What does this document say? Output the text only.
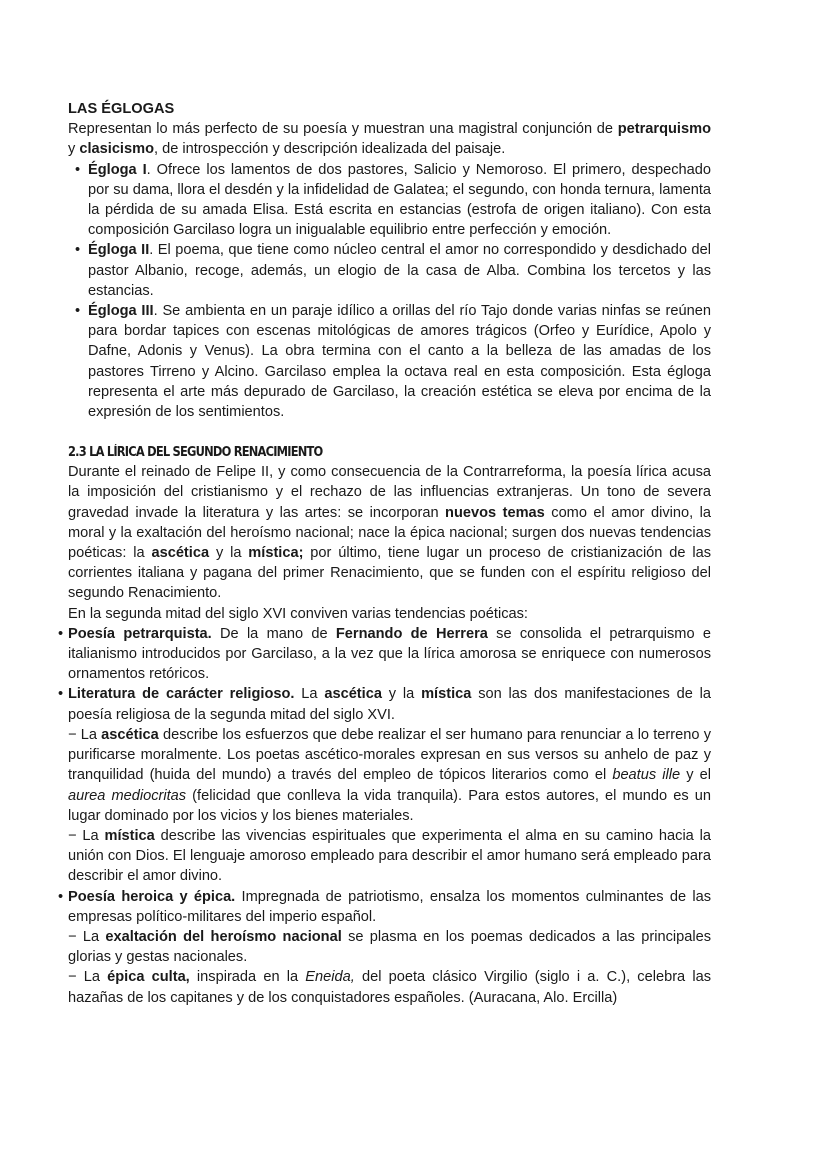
LAS ÉGLOGAS

Representan lo más perfecto de su poesía y muestran una magistral conjunción de petrarquismo y clasicismo, de introspección y descripción idealizada del paisaje.

• Égloga I. Ofrece los lamentos de dos pastores, Salicio y Nemoroso. El primero, despechado por su dama, llora el desdén y la infidelidad de Galatea; el segundo, con honda ternura, lamenta la pérdida de su amada Elisa. Está escrita en estancias (estrofa de origen italiano). Con esta composición Garcilaso logra un inigualable equilibrio entre perfección y emoción.
• Égloga II. El poema, que tiene como núcleo central el amor no correspondido y desdichado del pastor Albanio, recoge, además, un elogio de la casa de Alba. Combina los tercetos y las estancias.
• Égloga III. Se ambienta en un paraje idílico a orillas del río Tajo donde varias ninfas se reúnen para bordar tapices con escenas mitológicas de amores trágicos (Orfeo y Eurídice, Apolo y Dafne, Adonis y Venus). La obra termina con el canto a la belleza de las amadas de los pastores Tirreno y Alcino. Garcilaso emplea la octava real en esta composición. Esta égloga representa el arte más depurado de Garcilaso, la creación estética se eleva por encima de la expresión de los sentimientos.
2.3 LA LÍRICA DEL SEGUNDO RENACIMIENTO

Durante el reinado de Felipe II, y como consecuencia de la Contrarreforma, la poesía lírica acusa la imposición del cristianismo y el rechazo de las influencias extranjeras. Un tono de severa gravedad invade la literatura y las artes: se incorporan nuevos temas como el amor divino, la moral y la exaltación del heroísmo nacional; nace la épica nacional; surgen dos nuevas tendencias poéticas: la ascética y la mística; por último, tiene lugar un proceso de cristianización de las corrientes italiana y pagana del primer Renacimiento, que se funden con el espíritu religioso del segundo Renacimiento.

En la segunda mitad del siglo XVI conviven varias tendencias poéticas:

• Poesía petrarquista. De la mano de Fernando de Herrera se consolida el petrarquismo e italianismo introducidos por Garcilaso, a la vez que la lírica amorosa se enriquece con numerosos ornamentos retóricos.
• Literatura de carácter religioso. La ascética y la mística son las dos manifestaciones de la poesía religiosa de la segunda mitad del siglo XVI.
− La ascética describe los esfuerzos que debe realizar el ser humano para renunciar a lo terreno y purificarse moralmente. Los poetas ascético-morales expresan en sus versos su anhelo de paz y tranquilidad (huida del mundo) a través del empleo de tópicos literarios como el beatus ille y el aurea mediocritas (felicidad que conlleva la vida tranquila). Para estos autores, el mundo es un lugar dominado por los vicios y los bienes materiales.
− La mística describe las vivencias espirituales que experimenta el alma en su camino hacia la unión con Dios. El lenguaje amoroso empleado para describir el amor humano será empleado para describir el amor divino.
• Poesía heroica y épica. Impregnada de patriotismo, ensalza los momentos culminantes de las empresas político-militares del imperio español.
− La exaltación del heroísmo nacional se plasma en los poemas dedicados a las principales glorias y gestas nacionales.
− La épica culta, inspirada en la Eneida, del poeta clásico Virgilio (siglo i a. C.), celebra las hazañas de los capitanes y de los conquistadores españoles. (Auracana, Alo. Ercilla)
